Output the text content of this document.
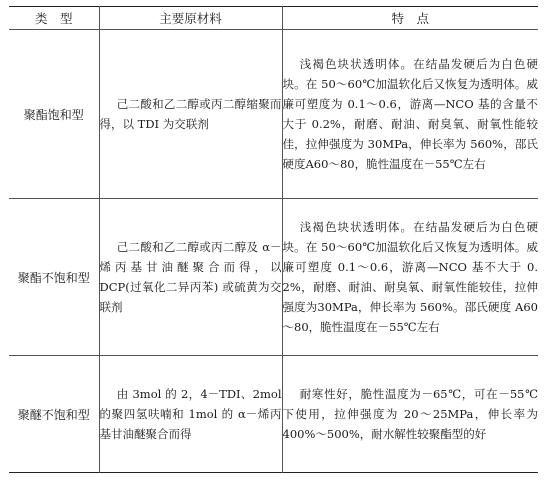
类　型	主要原材料	特　点
聚酯饱和型	己二酸和乙二醇或丙二醇缩聚而得，以 TDI 为交联剂	浅褐色块状透明体。在结晶发硬后为白色硬块。在 50～60℃加温软化后又恢复为透明体。威廉可塑度为 0.1～0.6，游离—NCO 基的含量不大于 0.2%，耐磨、耐油、耐臭氧、耐氧性能较佳，拉伸强度为 30MPa，伸长率为 560%，邵氏硬度A60～80，脆性温度在－55℃左右
聚酯不饱和型	己二酸和乙二醇或丙二醇及 α－烯丙基甘油醚聚合而得，以 DCP(过氧化二异丙苯) 或硫黄为交联剂	浅褐色块状透明体。在结晶发硬后为白色硬块。在 50～60℃加温软化后又恢复为透明体。威廉可塑度 0.1～0.6，游离—NCO 基不大于 0. 2%，耐磨、耐油、耐臭氧、耐氧性能较佳，拉伸强度为30MPa，伸长率为 560%。邵氏硬度 A60～80，脆性温度在－55℃左右
聚醚不饱和型	由 3mol 的 2，4－TDI、2mol 的聚四氢呋喃和 1mol 的 α－烯丙基甘油醚聚合而得	耐寒性好，脆性温度为－65℃，可在－55℃下使用，拉伸强度为 20～25MPa，伸长率为 400%～500%，耐水解性较聚酯型的好
